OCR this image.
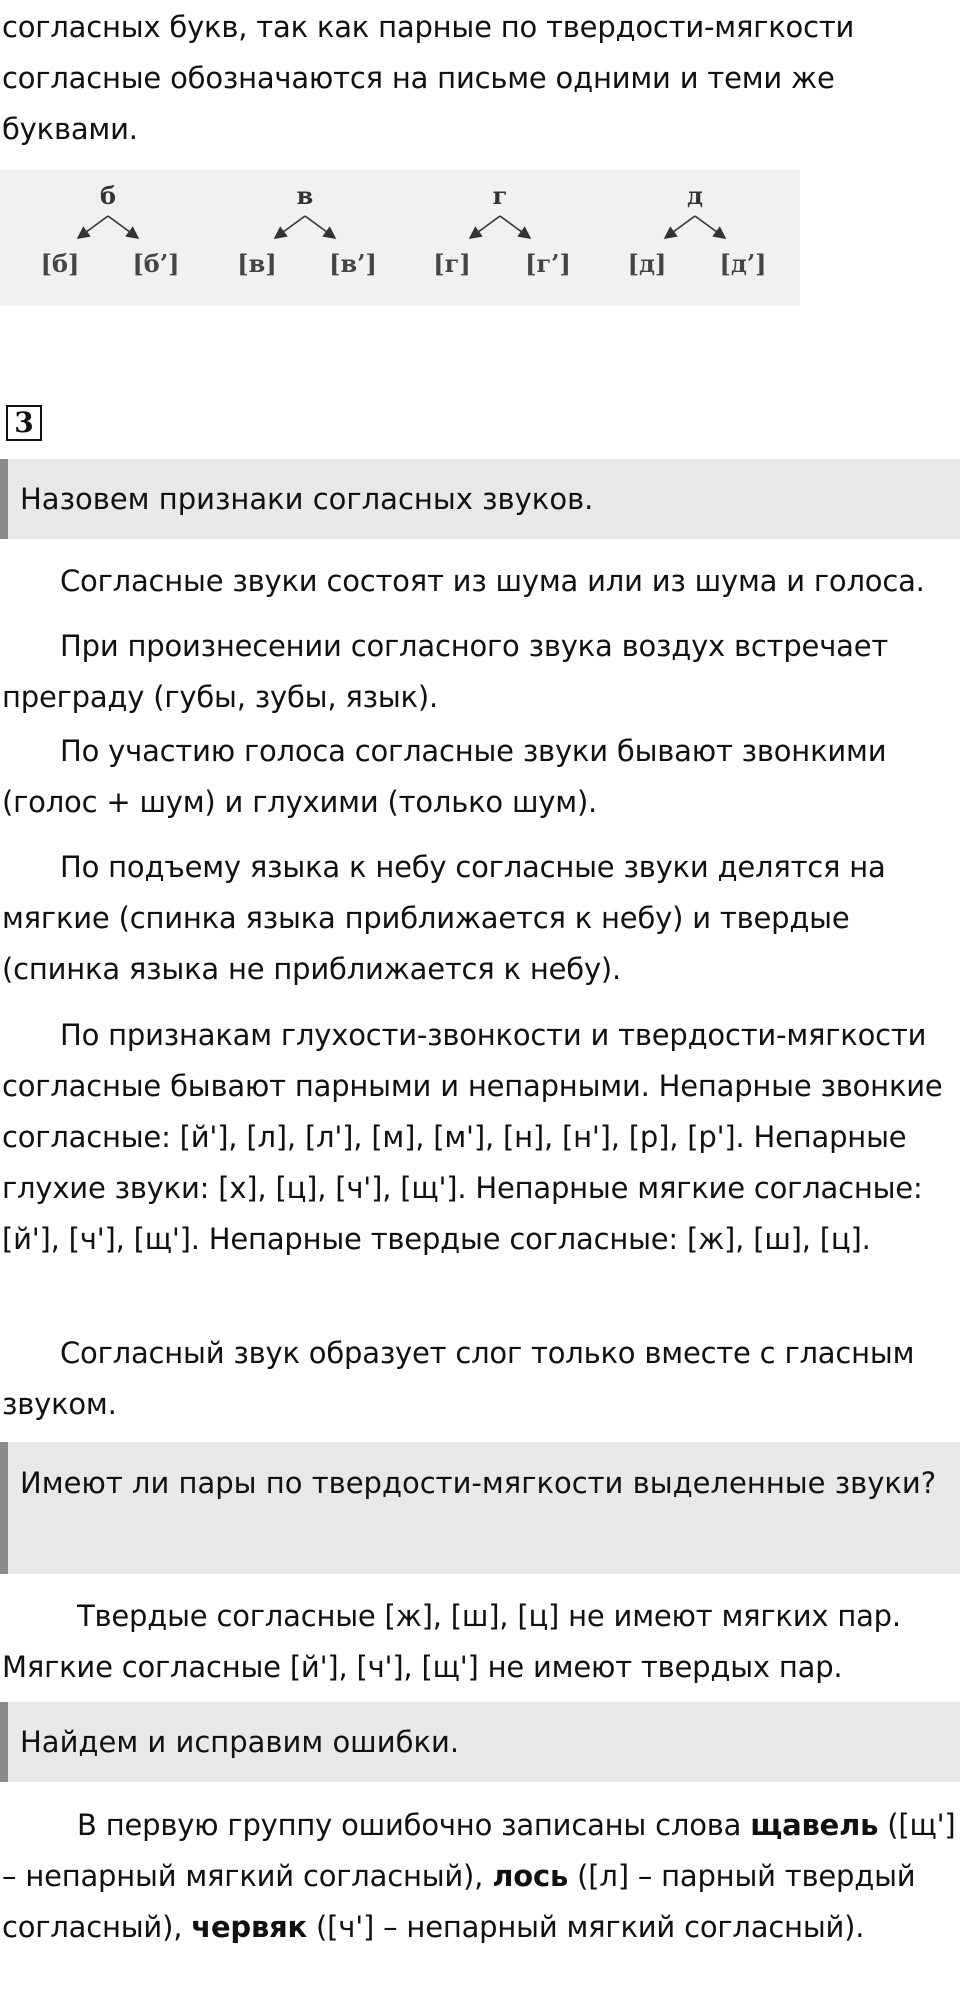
согласных букв, так как парные по твердости-мягкости согласные обозначаются на письме одними и теми же буквами.
б
[б] [б’]
в
[в] [в’]
г
[г] [г’]
д
[д] [д’]
3
Назовем признаки согласных звуков.
Согласные звуки состоят из шума или из шума и голоса.
При произнесении согласного звука воздух встречает преграду (губы, зубы, язык).
По участию голоса согласные звуки бывают звонкими (голос + шум) и глухими (только шум).
По подъему языка к небу согласные звуки делятся на мягкие (спинка языка приближается к небу) и твердые (спинка языка не приближается к небу).
По признакам глухости-звонкости и твердости-мягкости согласные бывают парными и непарными. Непарные звонкие согласные: [й'], [л], [л'], [м], [м'], [н], [н'], [р], [р']. Непарные глухие звуки: [х], [ц], [ч'], [щ']. Непарные мягкие согласные: [й'], [ч'], [щ']. Непарные твердые согласные: [ж], [ш], [ц].
Согласный звук образует слог только вместе с гласным звуком.
Имеют ли пары по твердости-мягкости выделенные звуки?
Твердые согласные [ж], [ш], [ц] не имеют мягких пар. Мягкие согласные [й'], [ч'], [щ'] не имеют твердых пар.
Найдем и исправим ошибки.
В первую группу ошибочно записаны слова щавель ([щ'] – непарный мягкий согласный), лось ([л] – парный твердый согласный), червяк ([ч'] – непарный мягкий согласный).
